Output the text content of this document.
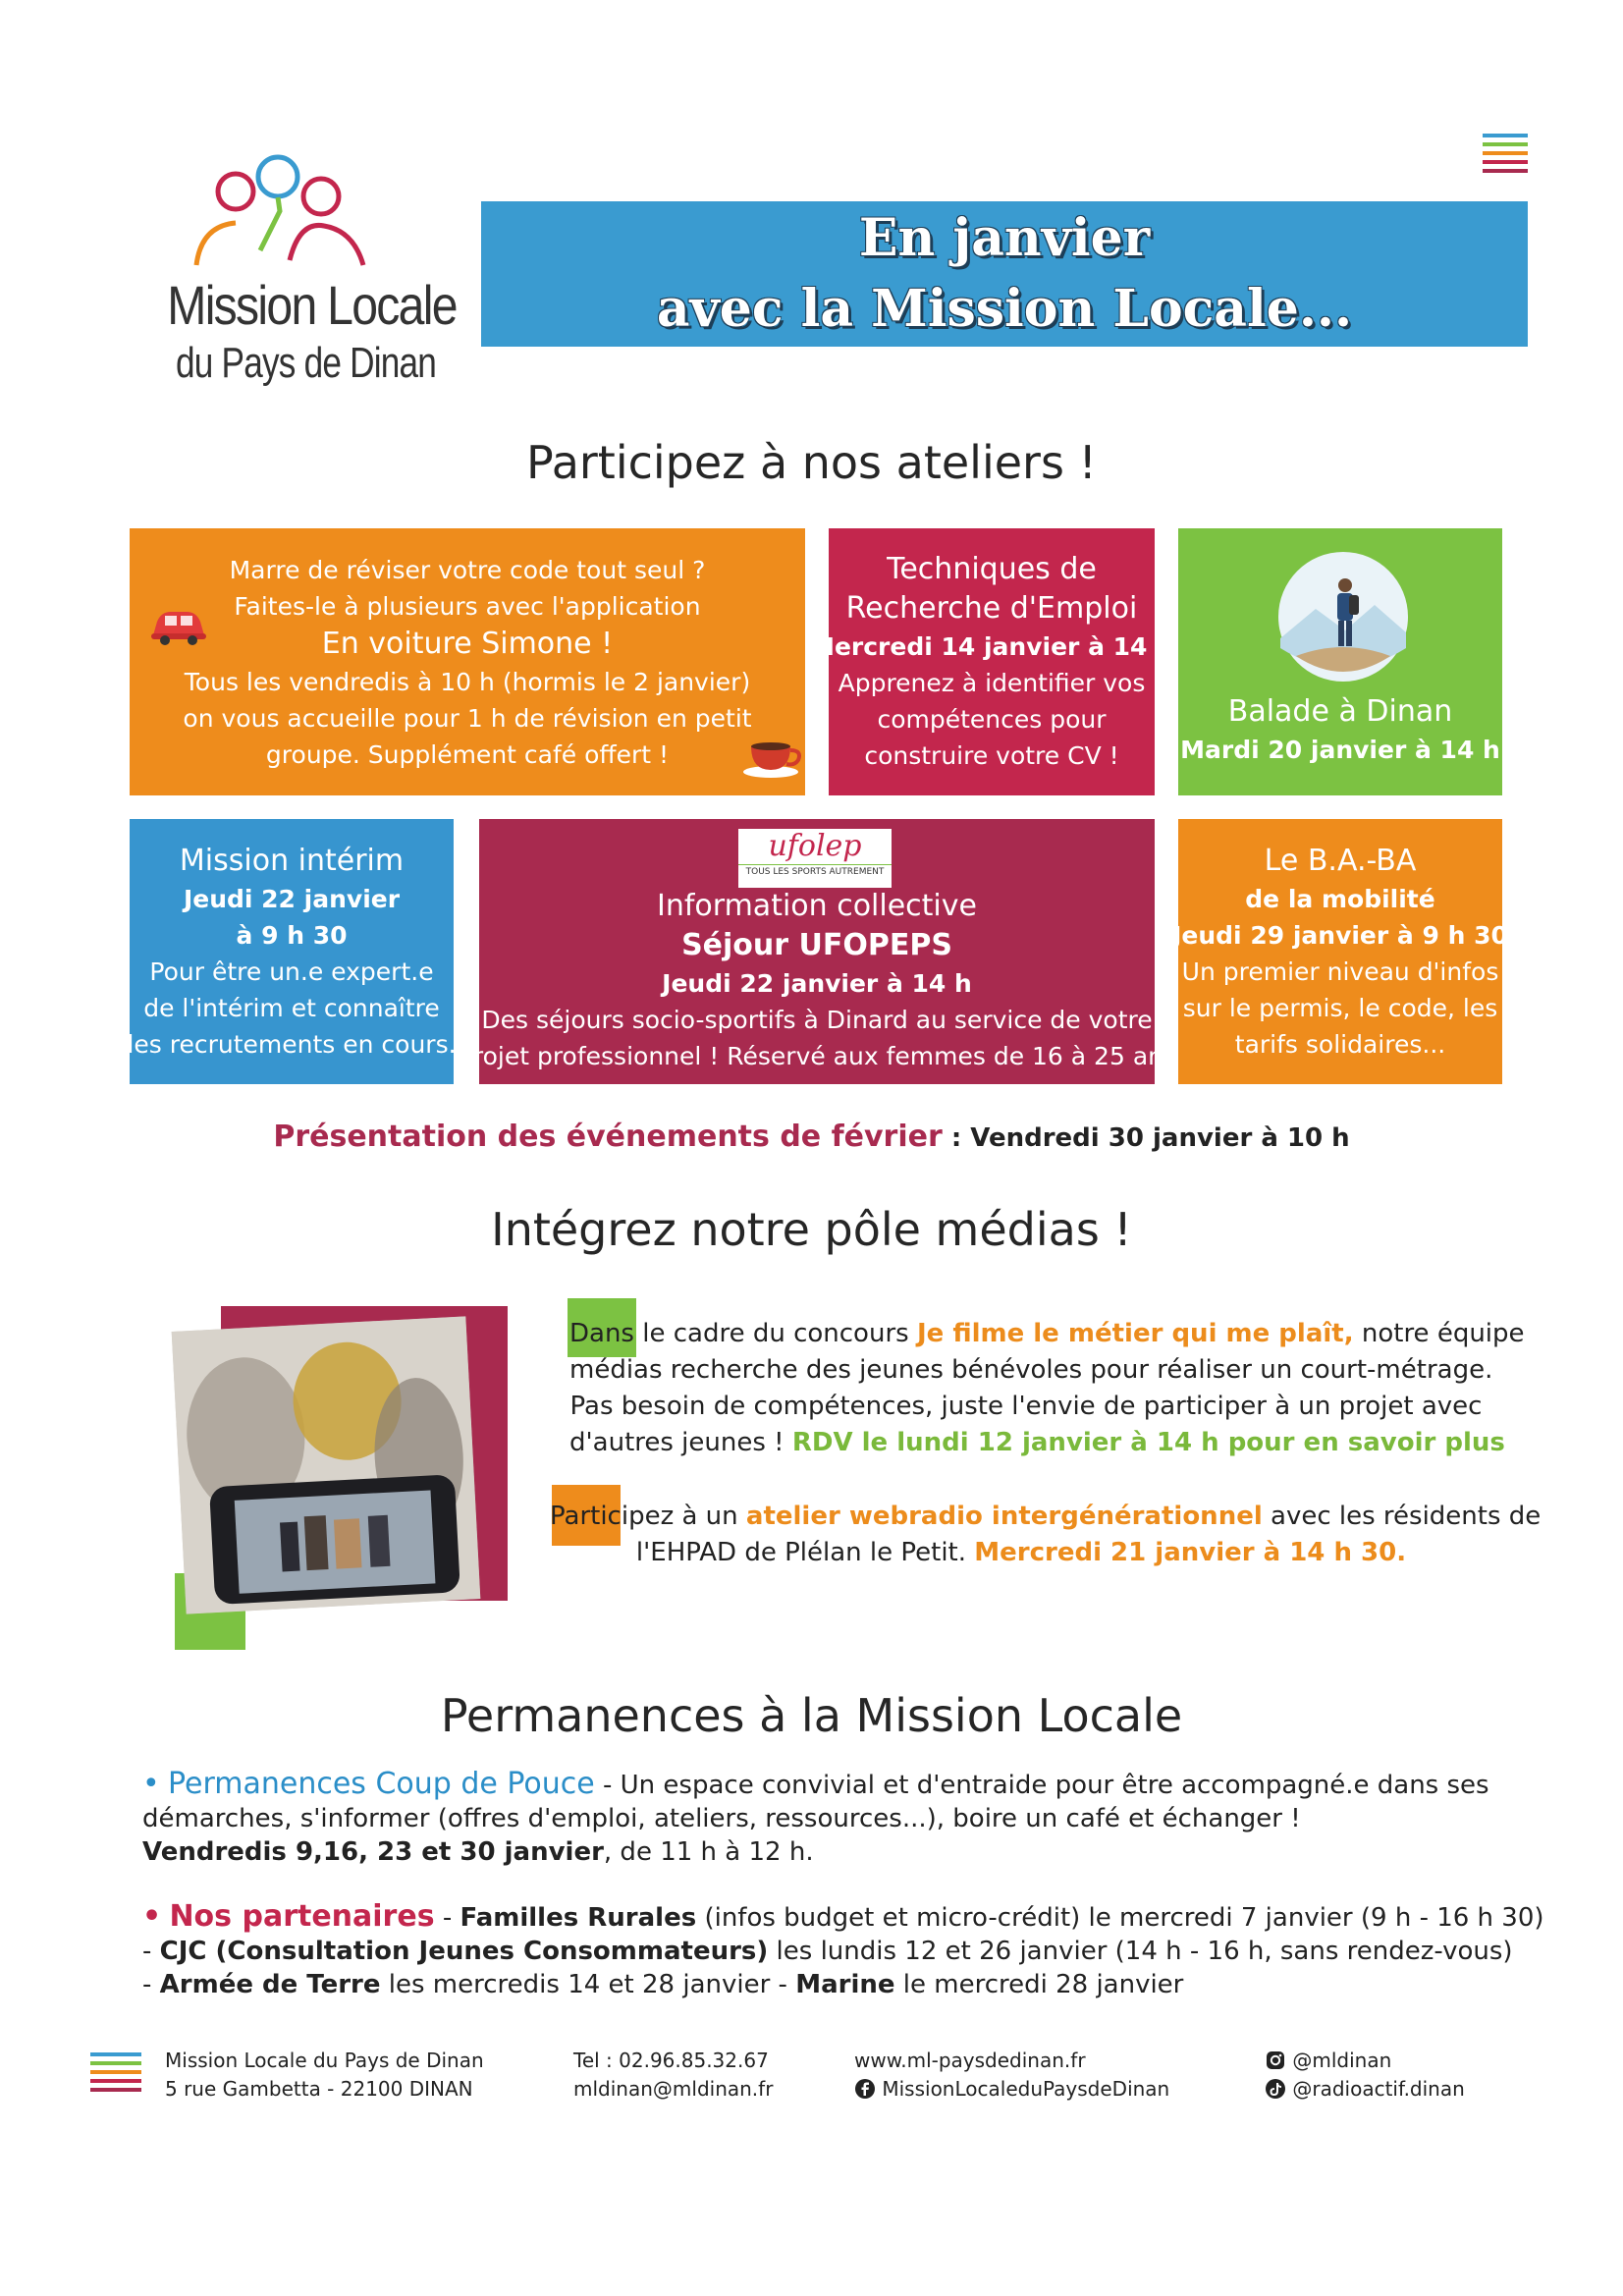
Mission Locale
du Pays de Dinan
En janvier
avec la Mission Locale...
Participez à nos ateliers !
Marre de réviser votre code tout seul ?
Faites-le à plusieurs avec l'application
En voiture Simone !
Tous les vendredis à 10 h (hormis le 2 janvier)
on vous accueille pour 1 h de révision en petit
groupe. Supplément café offert !
Techniques de
Recherche d'Emploi
Mercredi 14 janvier à 14 h
Apprenez à identifier vos
compétences pour
construire votre CV !
Balade à Dinan
Mardi 20 janvier à 14 h
Mission intérim
Jeudi 22 janvier
à 9 h 30
Pour être un.e expert.e
de l'intérim et connaître
les recrutements en cours.
Information collective
Séjour UFOPEPS
Jeudi 22 janvier à 14 h
Des séjours socio-sportifs à Dinard au service de votre
projet professionnel ! Réservé aux femmes de 16 à 25 ans
ufolep
TOUS LES SPORTS AUTREMENT	Le B.A.-BA
de la mobilité
Jeudi 29 janvier à 9 h 30
Un premier niveau d'infos
sur le permis, le code, les
tarifs solidaires...
Présentation des événements de février : Vendredi 30 janvier à 10 h
Intégrez notre pôle médias !
Dans le cadre du concours Je filme le métier qui me plaît, notre équipe
médias recherche des jeunes bénévoles pour réaliser un court-métrage.
Pas besoin de compétences, juste l'envie de participer à un projet avec
d'autres jeunes ! RDV le lundi 12 janvier à 14 h pour en savoir plus
Participez à un atelier webradio intergénérationnel avec les résidents de
l'EHPAD de Plélan le Petit. Mercredi 21 janvier à 14 h 30.
Permanences à la Mission Locale
• Permanences Coup de Pouce - Un espace convivial et d'entraide pour être accompagné.e dans ses
démarches, s'informer (offres d'emploi, ateliers, ressources...), boire un café et échanger !
Vendredis 9,16, 23 et 30 janvier, de 11 h à 12 h.
• Nos partenaires - Familles Rurales (infos budget et micro-crédit) le mercredi 7 janvier (9 h - 16 h 30)
- CJC (Consultation Jeunes Consommateurs) les lundis 12 et 26 janvier (14 h - 16 h, sans rendez-vous)
- Armée de Terre les mercredis 14 et 28 janvier - Marine le mercredi 28 janvier
Mission Locale du Pays de Dinan
5 rue Gambetta - 22100 DINAN
Tel : 02.96.85.32.67
mldinan@mldinan.fr
www.ml-paysdedinan.fr
MissionLocaleduPaysdeDinan
@mldinan
@radioactif.dinan
